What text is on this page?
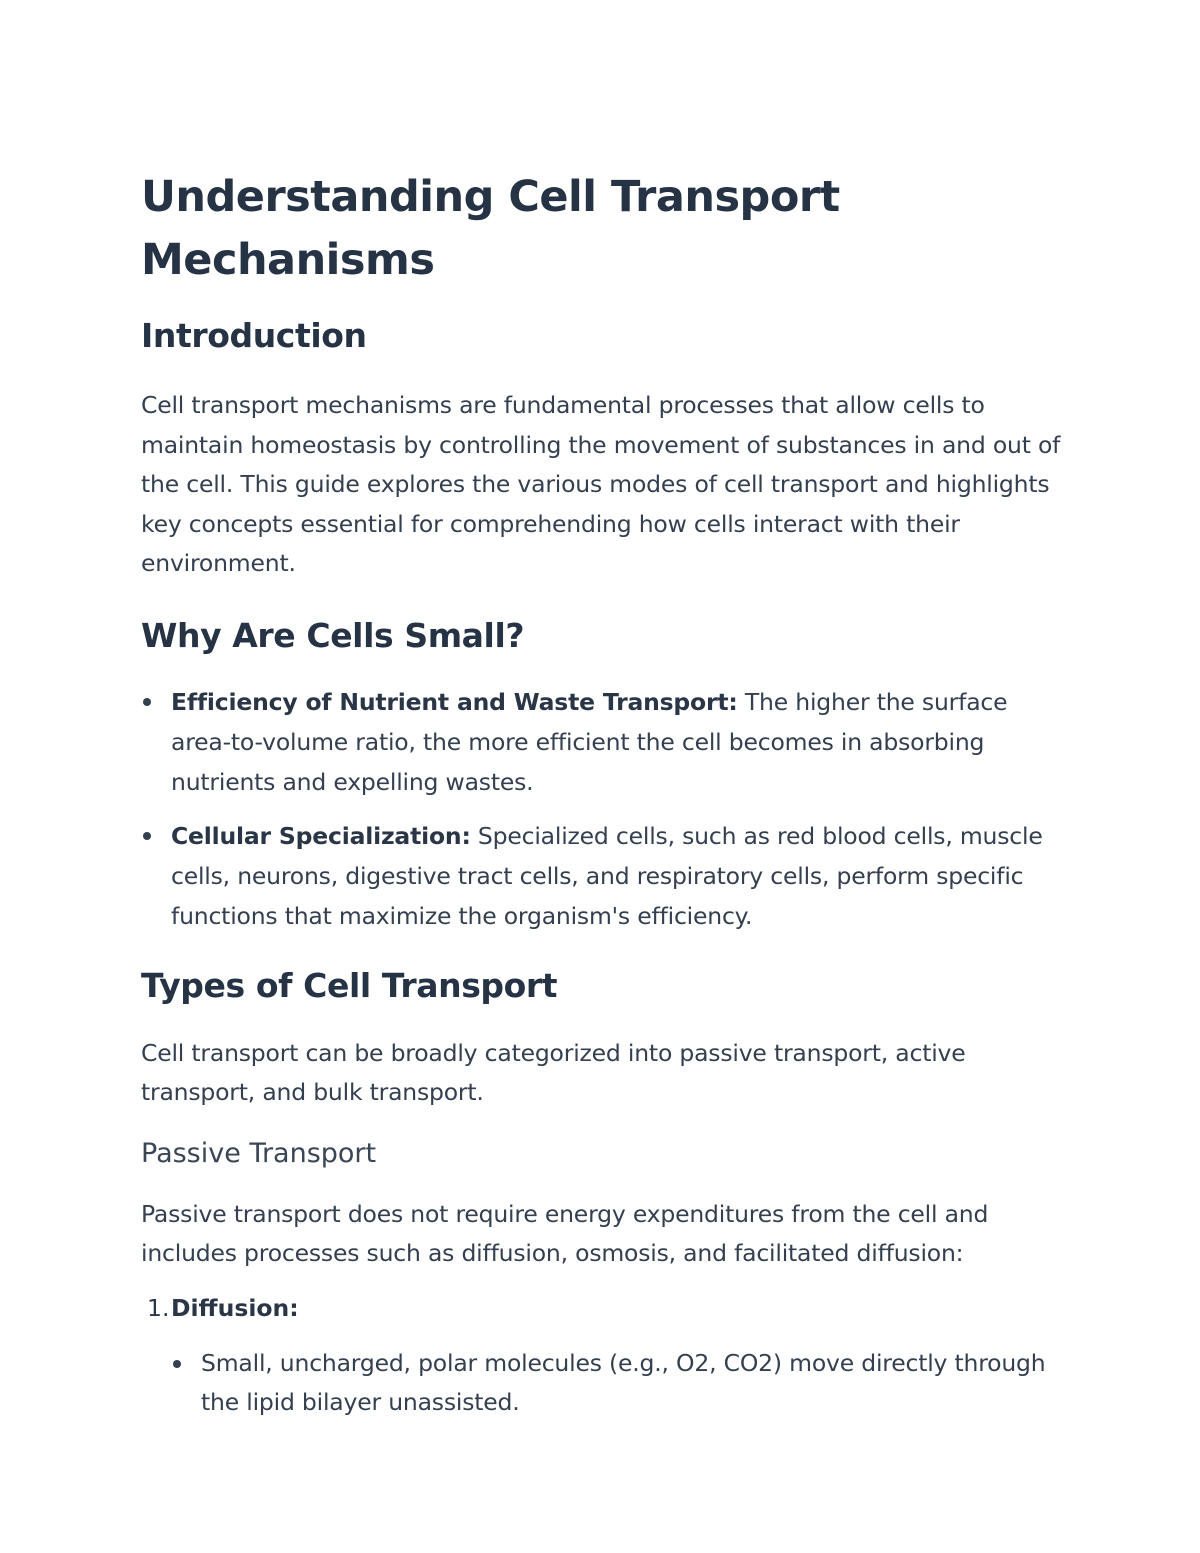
Understanding Cell Transport Mechanisms
Introduction

Cell transport mechanisms are fundamental processes that allow cells to maintain homeostasis by controlling the movement of substances in and out of the cell. This guide explores the various modes of cell transport and highlights key concepts essential for comprehending how cells interact with their environment.

Why Are Cells Small?
Efficiency of Nutrient and Waste Transport: The higher the surface area-to-volume ratio, the more efficient the cell becomes in absorbing nutrients and expelling wastes.
Cellular Specialization: Specialized cells, such as red blood cells, muscle cells, neurons, digestive tract cells, and respiratory cells, perform specific functions that maximize the organism's efficiency.
Types of Cell Transport

Cell transport can be broadly categorized into passive transport, active transport, and bulk transport.

Passive Transport

Passive transport does not require energy expenditures from the cell and includes processes such as diffusion, osmosis, and facilitated diffusion:

1. Diffusion:
Small, uncharged, polar molecules (e.g., O2, CO2) move directly through the lipid bilayer unassisted.
